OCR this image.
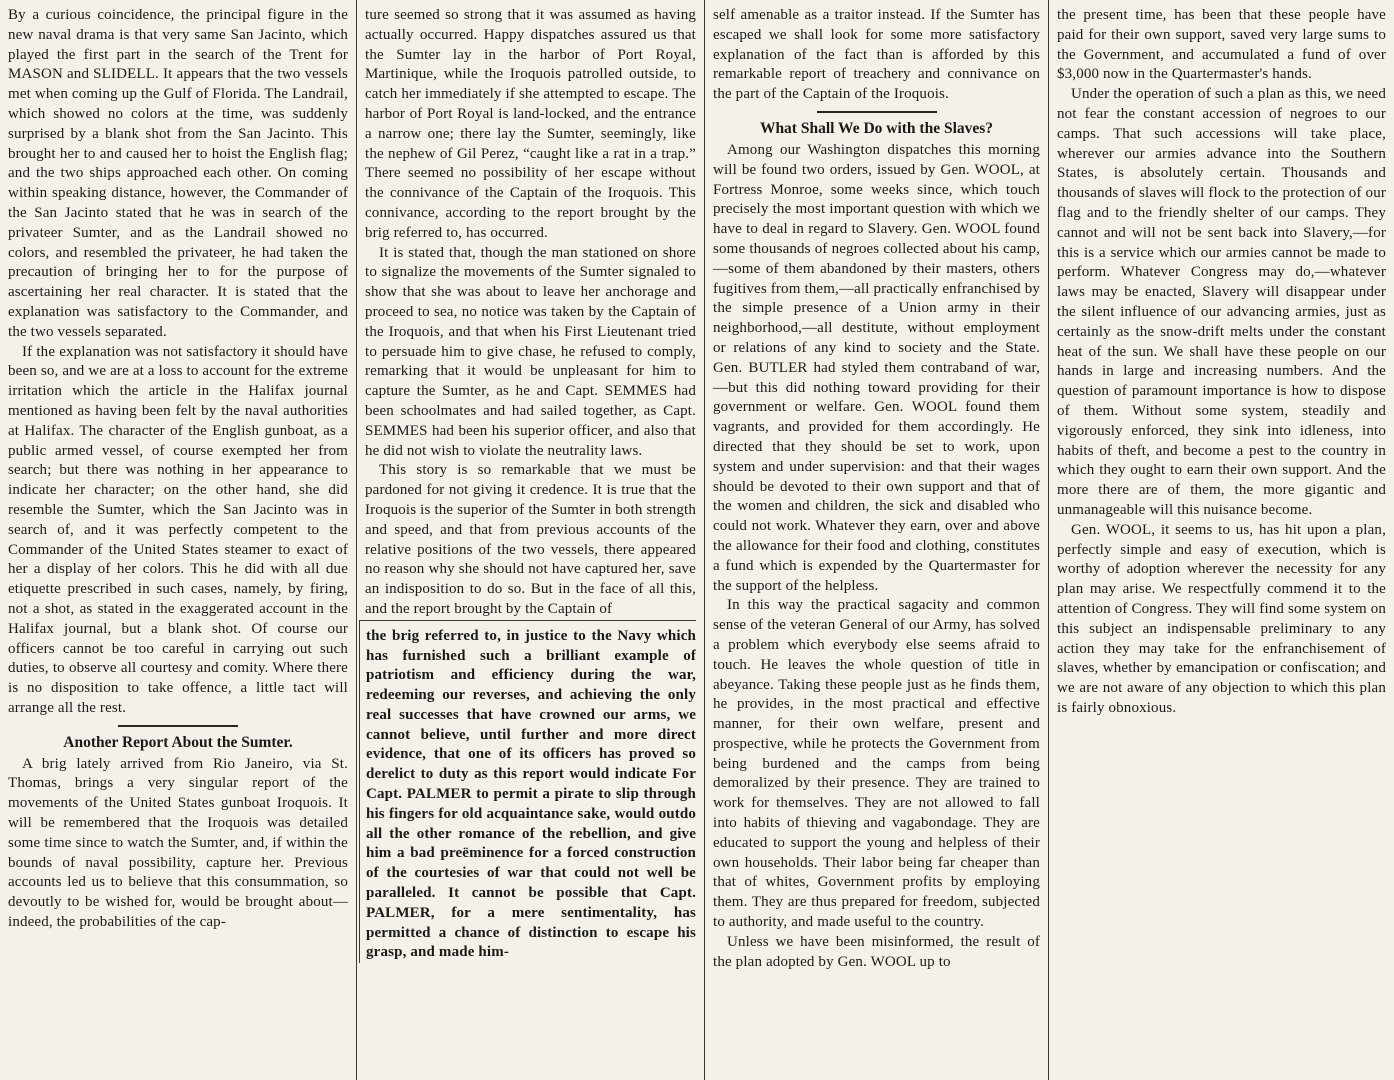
By a curious coincidence, the principal figure in the new naval drama is that very same San Jacinto, which played the first part in the search of the Trent for MASON and SLIDELL. It appears that the two vessels met when coming up the Gulf of Florida. The Landrail, which showed no colors at the time, was suddenly surprised by a blank shot from the San Jacinto. This brought her to and caused her to hoist the English flag; and the two ships approached each other. On coming within speaking distance, however, the Commander of the San Jacinto stated that he was in search of the privateer Sumter, and as the Landrail showed no colors, and resembled the privateer, he had taken the precaution of bringing her to for the purpose of ascertaining her real character. It is stated that the explanation was satisfactory to the Commander, and the two vessels separated.

If the explanation was not satisfactory it should have been so, and we are at a loss to account for the extreme irritation which the article in the Halifax journal mentioned as having been felt by the naval authorities at Halifax. The character of the English gunboat, as a public armed vessel, of course exempted her from search; but there was nothing in her appearance to indicate her character; on the other hand, she did resemble the Sumter, which the San Jacinto was in search of, and it was perfectly competent to the Commander of the United States steamer to exact of her a display of her colors. This he did with all due etiquette prescribed in such cases, namely, by firing, not a shot, as stated in the exaggerated account in the Halifax journal, but a blank shot. Of course our officers cannot be too careful in carrying out such duties, to observe all courtesy and comity. Where there is no disposition to take offence, a little tact will arrange all the rest.

Another Report About the Sumter.

A brig lately arrived from Rio Janeiro, via St. Thomas, brings a very singular report of the movements of the United States gunboat Iroquois. It will be remembered that the Iroquois was detailed some time since to watch the Sumter, and, if within the bounds of naval possibility, capture her. Previous accounts led us to believe that this consummation, so devoutly to be wished for, would be brought about—indeed, the probabilities of the cap-

ture seemed so strong that it was assumed as having actually occurred. Happy dispatches assured us that the Sumter lay in the harbor of Port Royal, Martinique, while the Iroquois patrolled outside, to catch her immediately if she attempted to escape. The harbor of Port Royal is land-locked, and the entrance a narrow one; there lay the Sumter, seemingly, like the nephew of Gil Perez, “caught like a rat in a trap.” There seemed no possibility of her escape without the connivance of the Captain of the Iroquois. This connivance, according to the report brought by the brig referred to, has occurred.

It is stated that, though the man stationed on shore to signalize the movements of the Sumter signaled to show that she was about to leave her anchorage and proceed to sea, no notice was taken by the Captain of the Iroquois, and that when his First Lieutenant tried to persuade him to give chase, he refused to comply, remarking that it would be unpleasant for him to capture the Sumter, as he and Capt. SEMMES had been schoolmates and had sailed together, as Capt. SEMMES had been his superior officer, and also that he did not wish to violate the neutrality laws.

This story is so remarkable that we must be pardoned for not giving it credence. It is true that the Iroquois is the superior of the Sumter in both strength and speed, and that from previous accounts of the relative positions of the two vessels, there appeared no reason why she should not have captured her, save an indisposition to do so. But in the face of all this, and the report brought by the Captain of

the brig referred to, in justice to the Navy which has furnished such a brilliant example of patriotism and efficiency during the war, redeeming our reverses, and achieving the only real successes that have crowned our arms, we cannot believe, until further and more direct evidence, that one of its officers has proved so derelict to duty as this report would indicate For Capt. PALMER to permit a pirate to slip through his fingers for old acquaintance sake, would outdo all the other romance of the rebellion, and give him a bad preëminence for a forced construction of the courtesies of war that could not well be paralleled. It cannot be possible that Capt. PALMER, for a mere sentimentality, has permitted a chance of distinction to escape his grasp, and made him-

self amenable as a traitor instead. If the Sumter has escaped we shall look for some more satisfactory explanation of the fact than is afforded by this remarkable report of treachery and connivance on the part of the Captain of the Iroquois.

What Shall We Do with the Slaves?

Among our Washington dispatches this morning will be found two orders, issued by Gen. WOOL, at Fortress Monroe, some weeks since, which touch precisely the most important question with which we have to deal in regard to Slavery. Gen. WOOL found some thousands of negroes collected about his camp,—some of them abandoned by their masters, others fugitives from them,—all practically enfranchised by the simple presence of a Union army in their neighborhood,—all destitute, without employment or relations of any kind to society and the State. Gen. BUTLER had styled them contraband of war,—but this did nothing toward providing for their government or welfare. Gen. WOOL found them vagrants, and provided for them accordingly. He directed that they should be set to work, upon system and under supervision: and that their wages should be devoted to their own support and that of the women and children, the sick and disabled who could not work. Whatever they earn, over and above the allowance for their food and clothing, constitutes a fund which is expended by the Quartermaster for the support of the helpless.

In this way the practical sagacity and common sense of the veteran General of our Army, has solved a problem which everybody else seems afraid to touch. He leaves the whole question of title in abeyance. Taking these people just as he finds them, he provides, in the most practical and effective manner, for their own welfare, present and prospective, while he protects the Government from being burdened and the camps from being demoralized by their presence. They are trained to work for themselves. They are not allowed to fall into habits of thieving and vagabondage. They are educated to support the young and helpless of their own households. Their labor being far cheaper than that of whites, Government profits by employing them. They are thus prepared for freedom, subjected to authority, and made useful to the country.

Unless we have been misinformed, the result of the plan adopted by Gen. WOOL up to

the present time, has been that these people have paid for their own support, saved very large sums to the Government, and accumulated a fund of over $3,000 now in the Quartermaster's hands.

Under the operation of such a plan as this, we need not fear the constant accession of negroes to our camps. That such accessions will take place, wherever our armies advance into the Southern States, is absolutely certain. Thousands and thousands of slaves will flock to the protection of our flag and to the friendly shelter of our camps. They cannot and will not be sent back into Slavery,—for this is a service which our armies cannot be made to perform. Whatever Congress may do,—whatever laws may be enacted, Slavery will disappear under the silent influence of our advancing armies, just as certainly as the snow-drift melts under the constant heat of the sun. We shall have these people on our hands in large and increasing numbers. And the question of paramount importance is how to dispose of them. Without some system, steadily and vigorously enforced, they sink into idleness, into habits of theft, and become a pest to the country in which they ought to earn their own support. And the more there are of them, the more gigantic and unmanageable will this nuisance become.

Gen. WOOL, it seems to us, has hit upon a plan, perfectly simple and easy of execution, which is worthy of adoption wherever the necessity for any plan may arise. We respectfully commend it to the attention of Congress. They will find some system on this subject an indispensable preliminary to any action they may take for the enfranchisement of slaves, whether by emancipation or confiscation; and we are not aware of any objection to which this plan is fairly obnoxious.
